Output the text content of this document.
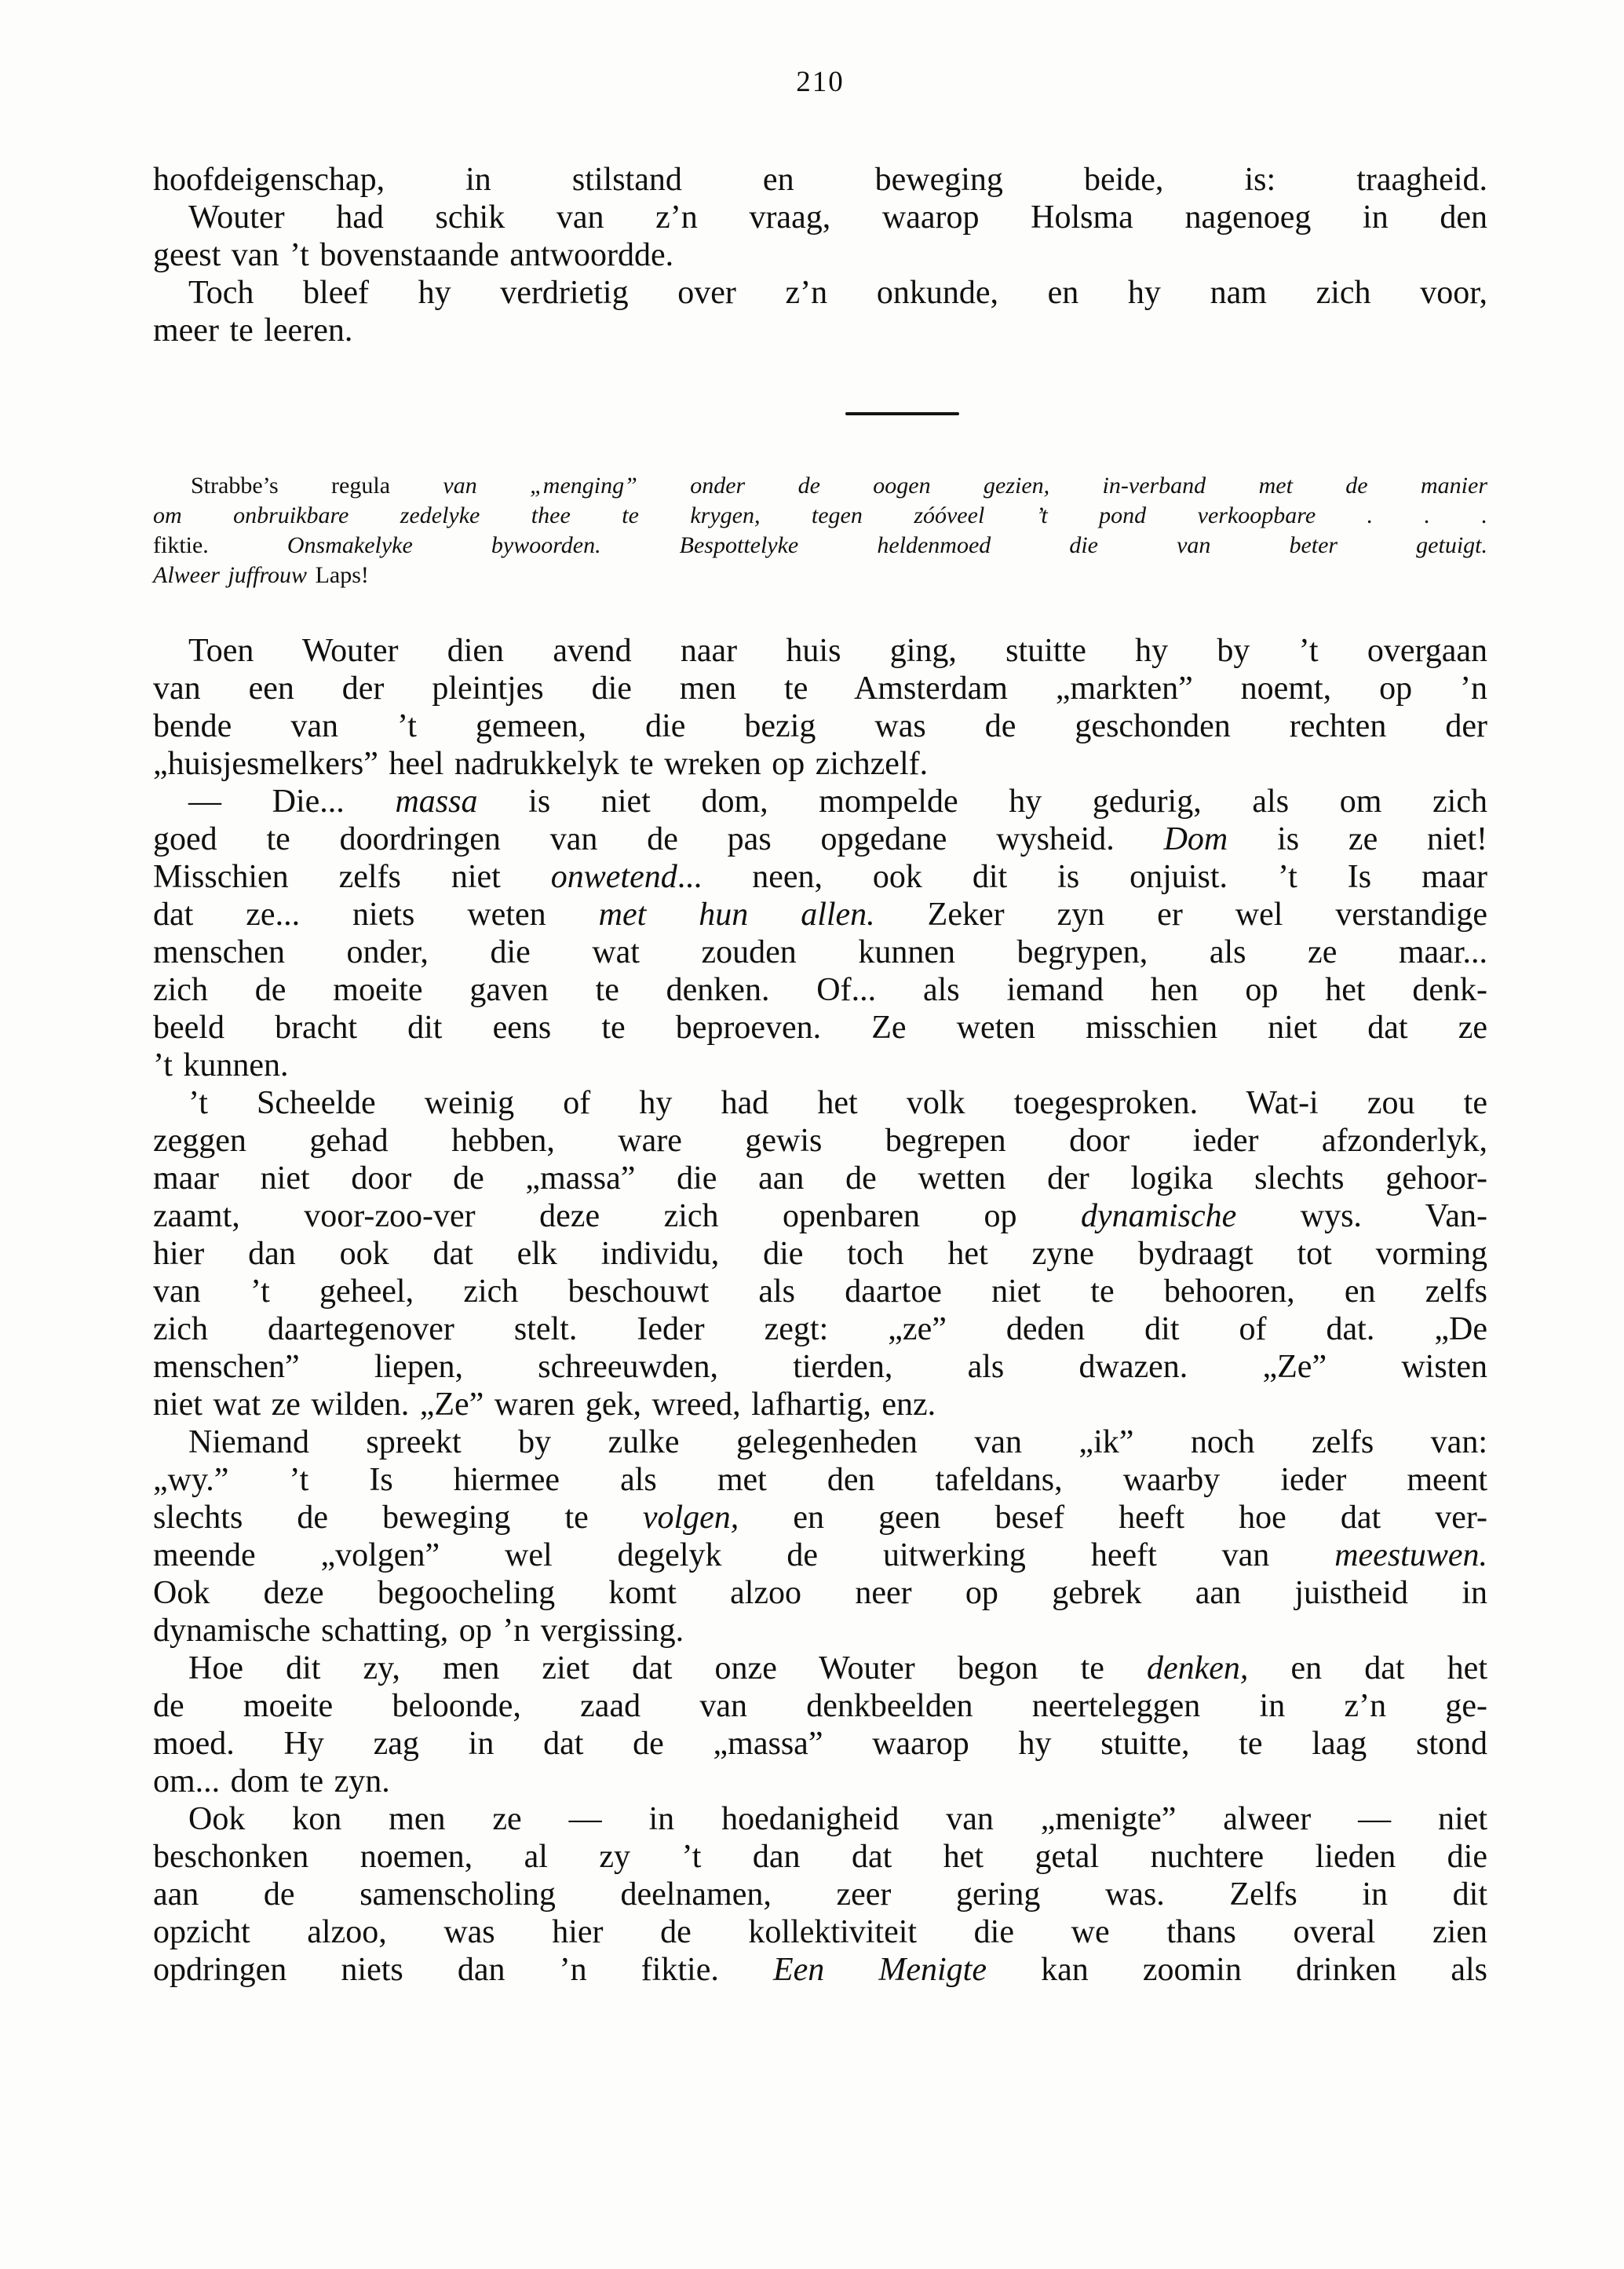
210
hoofdeigenschap, in stilstand en beweging beide, is: traagheid.
Wouter had schik van z’n vraag, waarop Holsma nagenoeg in den
geest van ’t bovenstaande antwoordde.
Toch bleef hy verdrietig over z’n onkunde, en hy nam zich voor,
meer te leeren.
Strabbe’s regula van „menging” onder de oogen gezien, in-verband met de manier
om onbruikbare zedelyke thee te krygen, tegen zóóveel ’t pond verkoopbare . . .
fiktie. Onsmakelyke bywoorden. Bespottelyke heldenmoed die van beter getuigt.
Alweer juffrouw Laps!
Toen Wouter dien avend naar huis ging, stuitte hy by ’t overgaan
van een der pleintjes die men te Amsterdam „markten” noemt, op ’n
bende van ’t gemeen, die bezig was de geschonden rechten der
„huisjesmelkers” heel nadrukkelyk te wreken op zichzelf.
— Die... massa is niet dom, mompelde hy gedurig, als om zich
goed te doordringen van de pas opgedane wysheid. Dom is ze niet!
Misschien zelfs niet onwetend... neen, ook dit is onjuist. ’t Is maar
dat ze... niets weten met hun allen. Zeker zyn er wel verstandige
menschen onder, die wat zouden kunnen begrypen, als ze maar...
zich de moeite gaven te denken. Of... als iemand hen op het denk-
beeld bracht dit eens te beproeven. Ze weten misschien niet dat ze
’t kunnen.
’t Scheelde weinig of hy had het volk toegesproken. Wat-i zou te
zeggen gehad hebben, ware gewis begrepen door ieder afzonderlyk,
maar niet door de „massa” die aan de wetten der logika slechts gehoor-
zaamt, voor-zoo-ver deze zich openbaren op dynamische wys. Van-
hier dan ook dat elk individu, die toch het zyne bydraagt tot vorming
van ’t geheel, zich beschouwt als daartoe niet te behooren, en zelfs
zich daartegenover stelt. Ieder zegt: „ze” deden dit of dat. „De
menschen” liepen, schreeuwden, tierden, als dwazen. „Ze” wisten
niet wat ze wilden. „Ze” waren gek, wreed, lafhartig, enz.
Niemand spreekt by zulke gelegenheden van „ik” noch zelfs van:
„wy.” ’t Is hiermee als met den tafeldans, waarby ieder meent
slechts de beweging te volgen, en geen besef heeft hoe dat ver-
meende „volgen” wel degelyk de uitwerking heeft van meestuwen.
Ook deze begoocheling komt alzoo neer op gebrek aan juistheid in
dynamische schatting, op ’n vergissing.
Hoe dit zy, men ziet dat onze Wouter begon te denken, en dat het
de moeite beloonde, zaad van denkbeelden neerteleggen in z’n ge-
moed. Hy zag in dat de „massa” waarop hy stuitte, te laag stond
om... dom te zyn.
Ook kon men ze — in hoedanigheid van „menigte” alweer — niet
beschonken noemen, al zy ’t dan dat het getal nuchtere lieden die
aan de samenscholing deelnamen, zeer gering was. Zelfs in dit
opzicht alzoo, was hier de kollektiviteit die we thans overal zien
opdringen niets dan ’n fiktie. Een Menigte kan zoomin drinken als
